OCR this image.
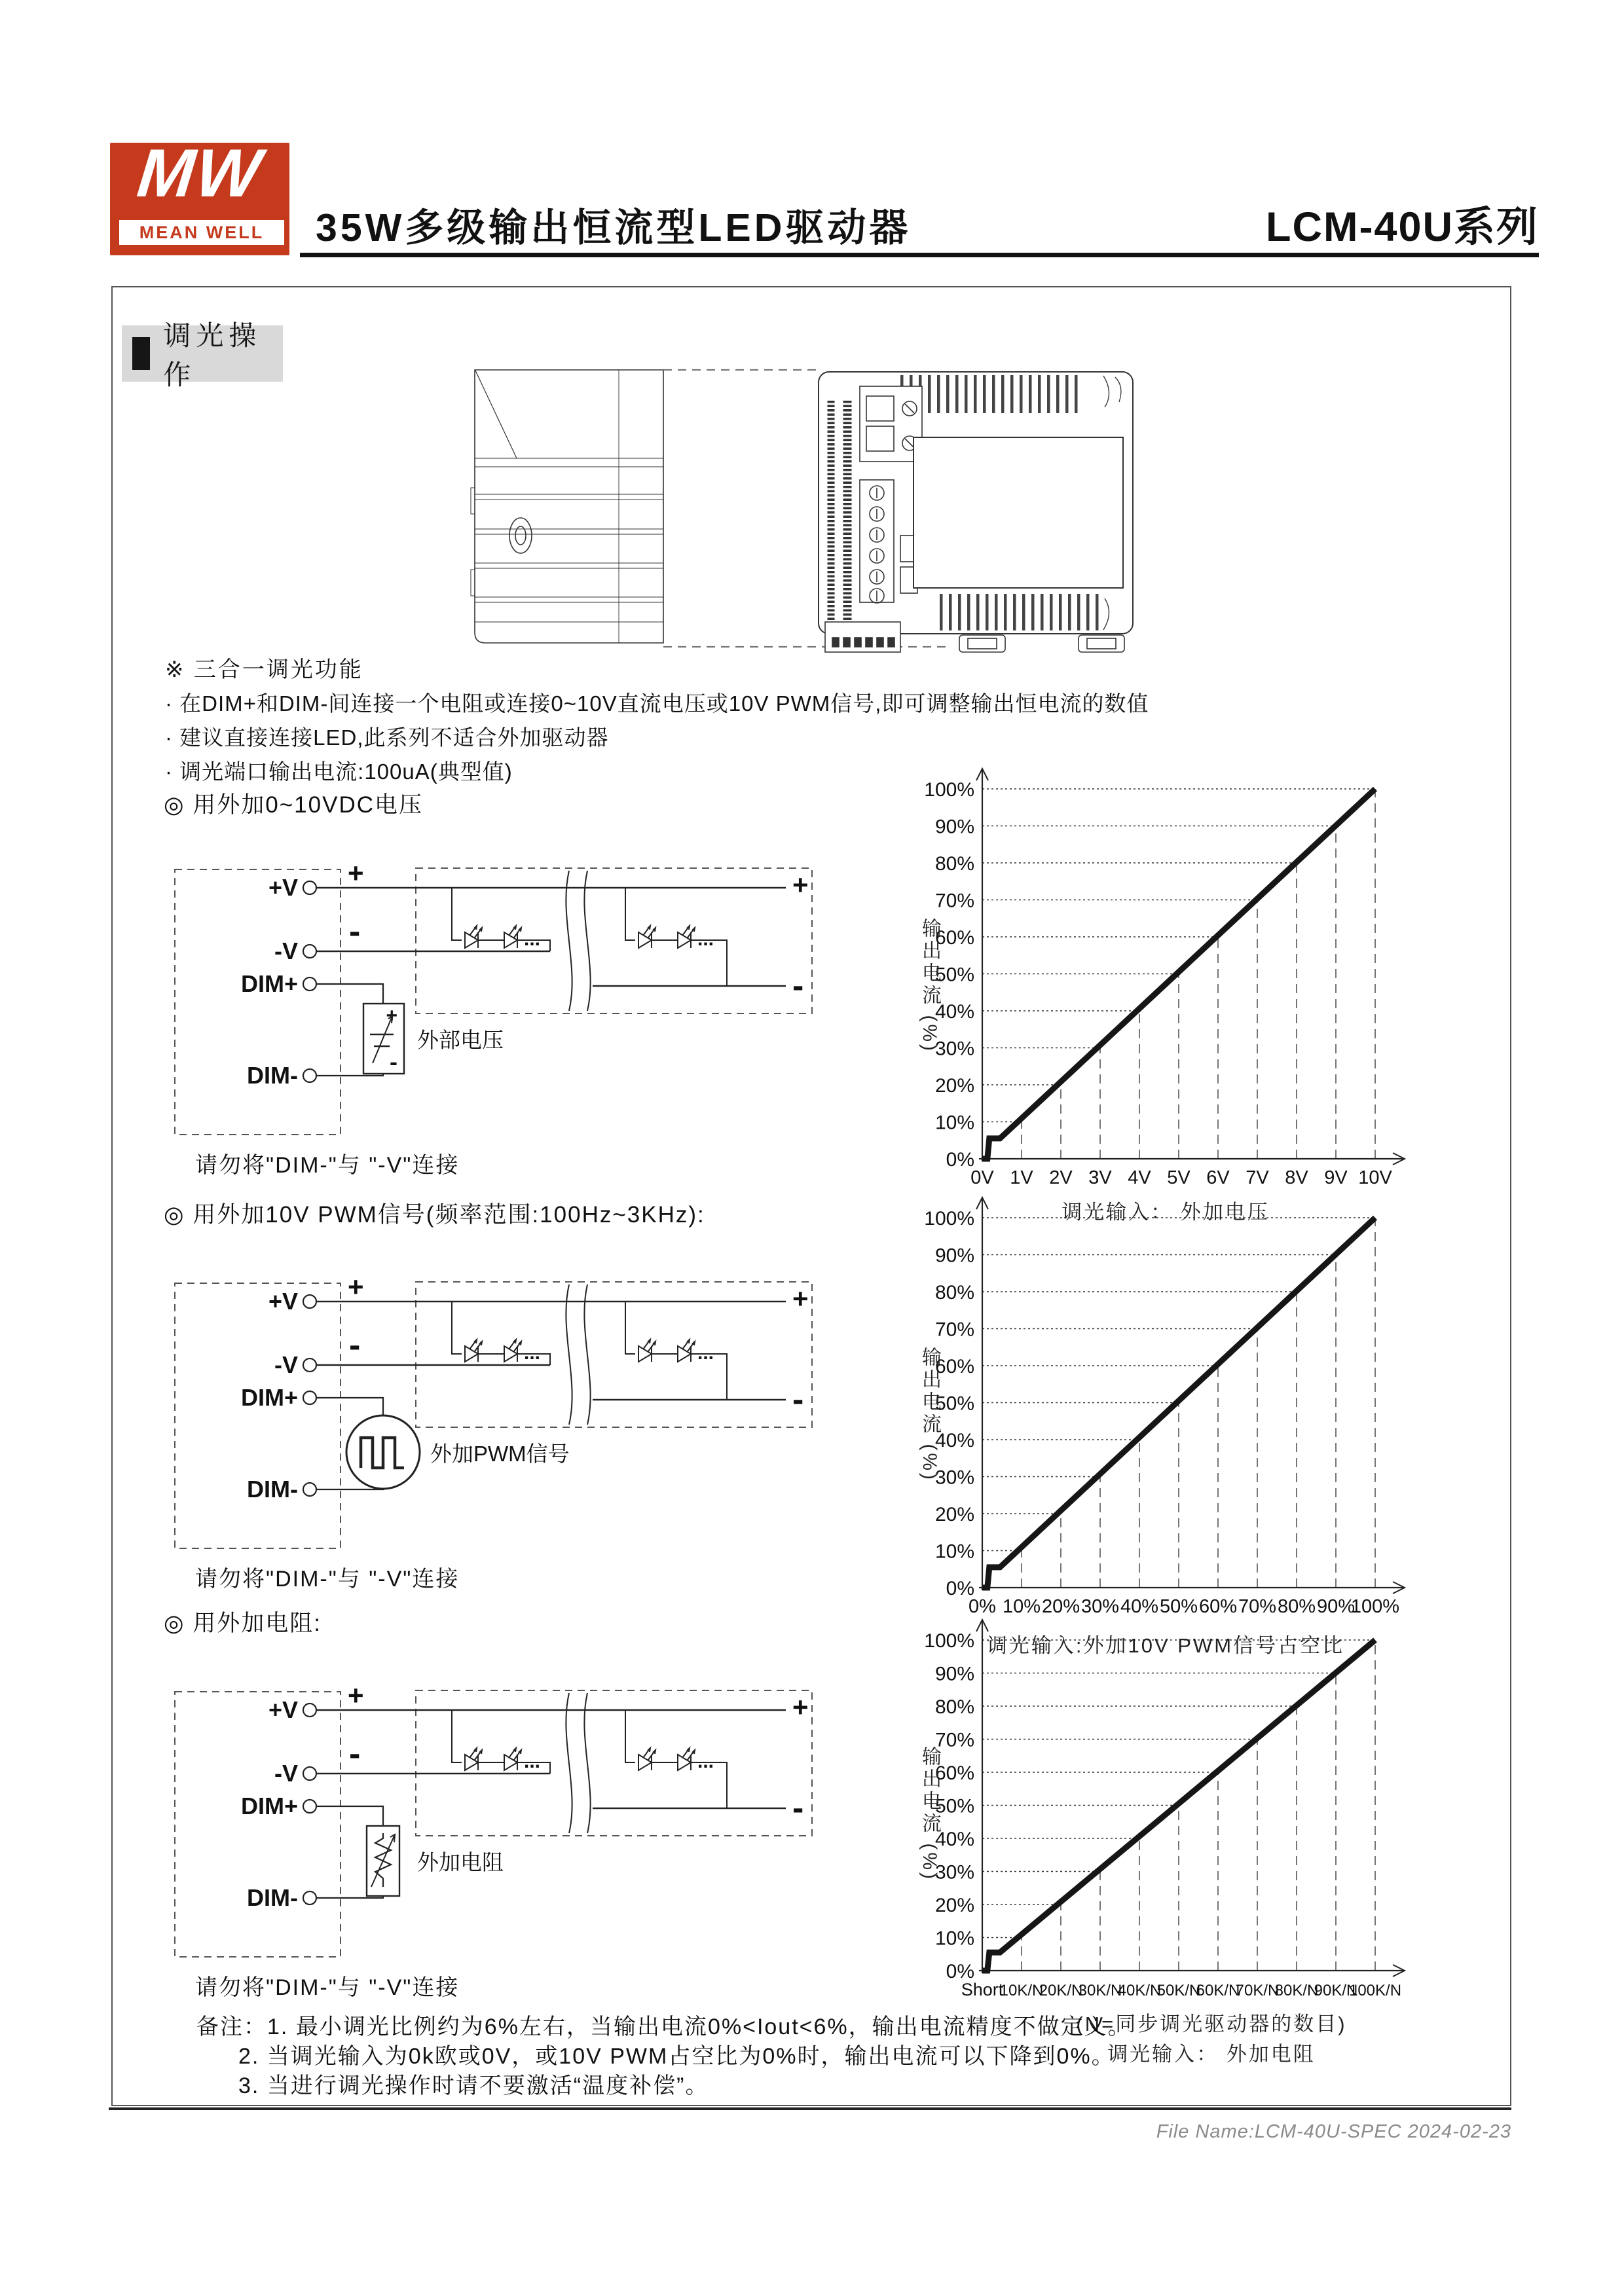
MW
MEAN WELL 35W多级输出恒流型LED驱动器	LCM-40U系列
调光操作
※ 三合一调光功能
· 在DIM+和DIM-间连接一个电阻或连接0~10V直流电压或10V PWM信号,即可调整输出恒电流的数值
· 建议直接连接LED,此系列不适合外加驱动器
· 调光端口输出电流:100uA(典型值)
◎ 用外加0~10VDC电压
◎ 用外加10V PWM信号(频率范围:100Hz~3KHz):
◎ 用外加电阻:
+V
-V
DIM+
DIM-
+
-
+
-
...	...
+
-
外部电压
+V
-V
DIM+
DIM-
+
-
+
-
...	...
外加PWM信号
+V
-V
DIM+
DIM-
+
-
+
-
...	...
外加电阻
请勿将"DIM-"与 "-V"连接
请勿将"DIM-"与 "-V"连接
请勿将"DIM-"与 "-V"连接
0%
10%
20%
30%
40%
50%
60%
70%
80%
90%
100%
0V 1V 2V 3V 4V 5V 6V 7V 8V 9V 10V
0%
10%
20%
30%
40%
50%
60%
70%
80%
90%
100%
0% 10% 20% 30% 40% 50% 60% 70% 80% 90%
100%
0%
10%
20%
30%
40%
50%
60%
70%
80%
90%
100%
Short
10K/N
20K/N
30K/N
40K/N
50K/N
60K/N
70K/N
80K/N
90K/N
100K/N
输出电流 (%)
输出电流 (%)
输出电流 (%)
调光输入： 外加电压
调光输入:外加10V PWM信号占空比
(N=同步调光驱动器的数目)
调光输入： 外加电阻
备注：1. 最小调光比例约为6%左右，当输出电流0%<Iout<6%，输出电流精度不做定义。
2. 当调光输入为0k欧或0V，或10V PWM占空比为0%时，输出电流可以下降到0%。
3. 当进行调光操作时请不要激活“温度补偿”。
File Name:LCM-40U-SPEC 2024-02-23
